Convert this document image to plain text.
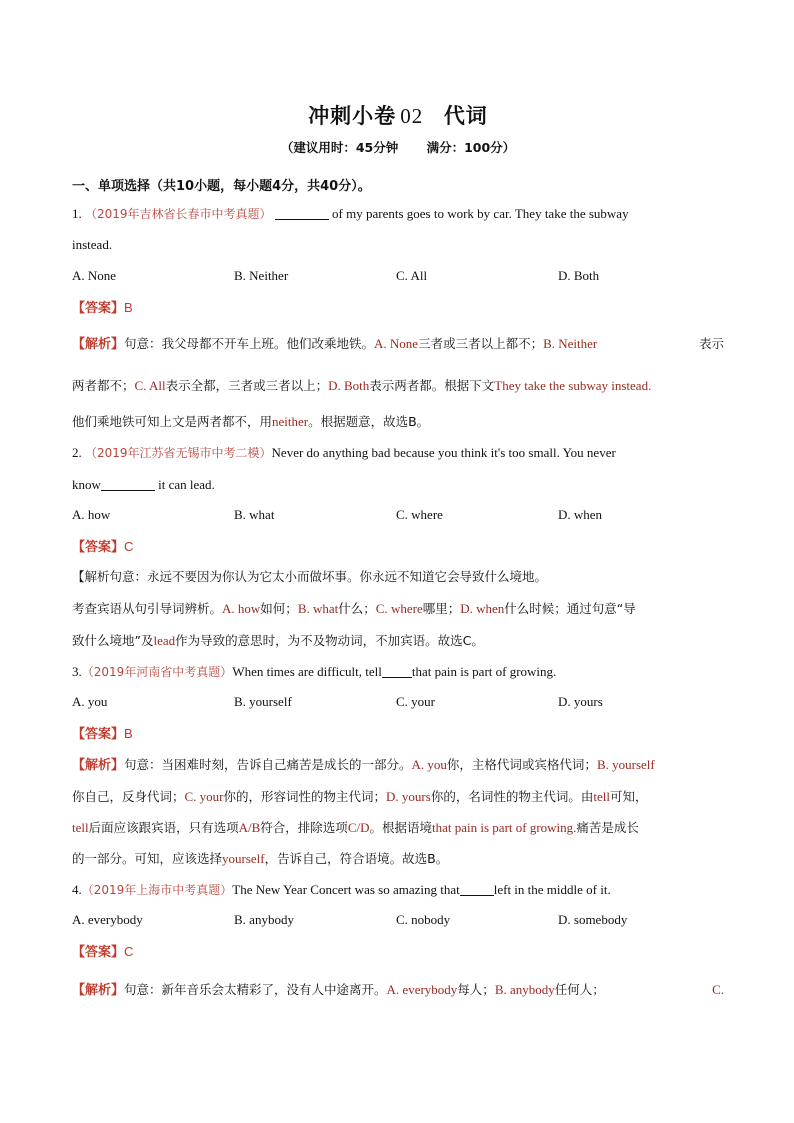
冲刺小卷 02 代词
（建议用时：45分钟 满分：100分）
一、单项选择（共10小题，每小题4分，共40分）。
1. （2019年吉林省长春市中考真题）	of my parents goes to work by car. They take the subway
instead.
A. None	B. Neither	C. All	D. Both
【答案】B
【解析】句意：我父母都不开车上班。他们改乘地铁。A. None三者或三者以上都不；B. Neither	表示
两者都不；C. All表示全都，三者或三者以上；D. Both表示两者都。根据下文They take the subway instead.
他们乘地铁可知上文是两者都不，用neither。根据题意，故选B。
2. （2019年江苏省无锡市中考二模）Never do anything bad because you think it's too small. You never
know	it can lead.
A. how	B. what	C. where	D. when
【答案】C
【解析句意：永远不要因为你认为它太小而做坏事。你永远不知道它会导致什么境地。
考查宾语从句引导词辨析。A. how如何；B. what什么；C. where哪里；D. when什么时候；通过句意“导
致什么境地”及lead作为导致的意思时，为不及物动词，不加宾语。故选C。
3.（2019年河南省中考真题）When times are difficult, tell that pain is part of growing.
A. you	B. yourself	C. your	D. yours
【答案】B
【解析】句意：当困难时刻，告诉自己痛苦是成长的一部分。A. you你，主格代词或宾格代词；B. yourself
你自己，反身代词；C. your你的，形容词性的物主代词；D. yours你的，名词性的物主代词。由tell可知，
tell后面应该跟宾语，只有选项A/B符合，排除选项C/D。根据语境that pain is part of growing.痛苦是成长
的一部分。可知，应该选择yourself，告诉自己，符合语境。故选B。
4.（2019年上海市中考真题）The New Year Concert was so amazing that	left in the middle of it.
A. everybody	B. anybody	C. nobody	D. somebody
【答案】C
【解析】句意：新年音乐会太精彩了，没有人中途离开。A. everybody每人；B. anybody任何人；	C.
